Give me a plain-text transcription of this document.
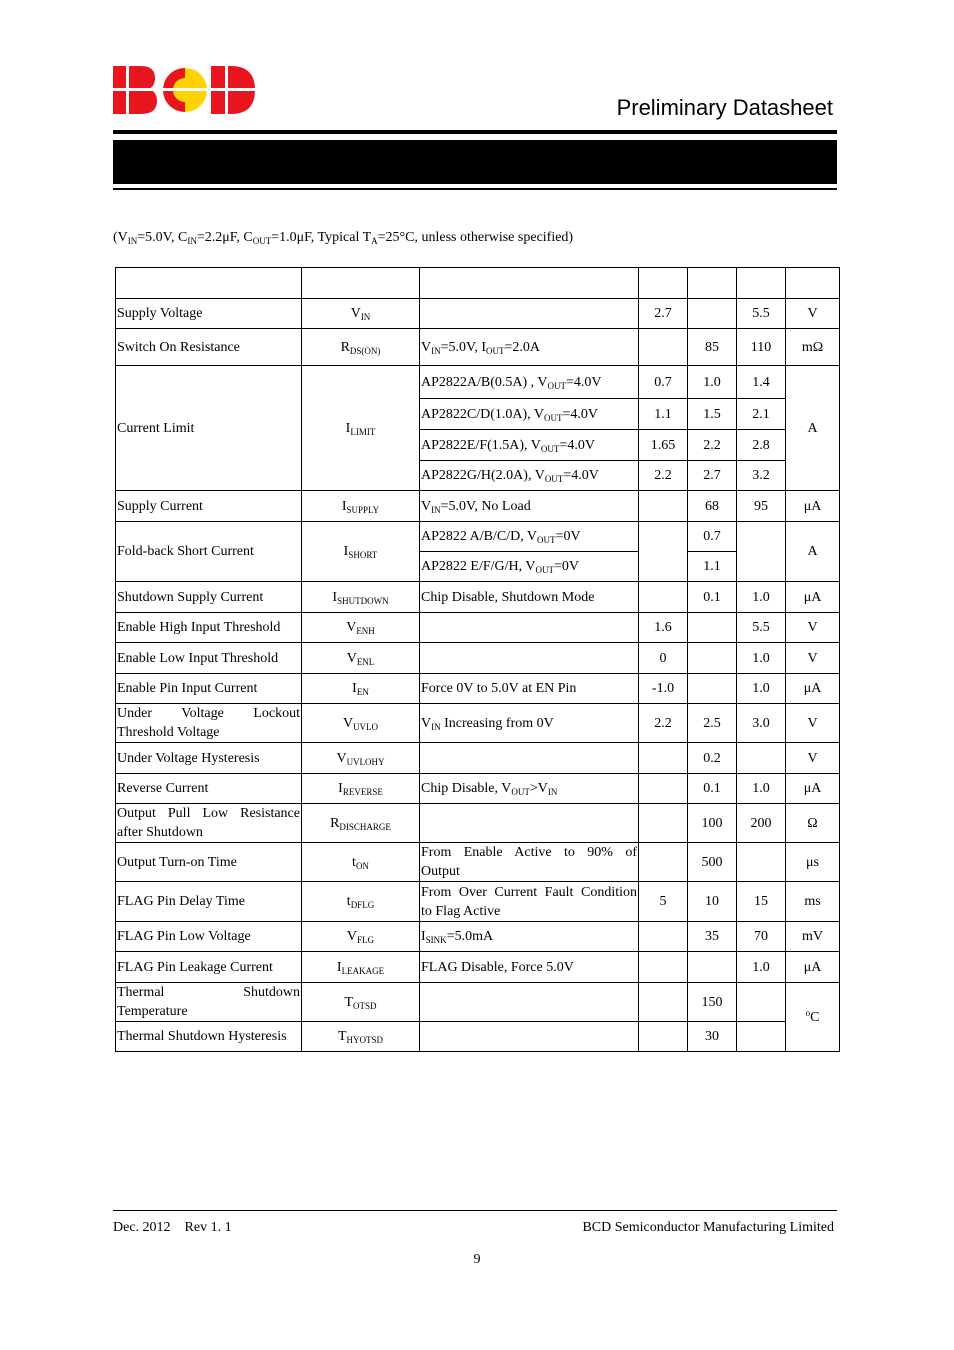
Preliminary Datasheet
($V_{IN}=5.0V$, $C_{IN}=2.2\mu F$, $C_{OUT}=1.0\mu F$, Typical $T_A=25^\circ C$, unless otherwise specified)

Supply Voltage	$V_{IN}$		2.7		5.5	V
Switch On Resistance	$R_{DS(ON)}$	$V_{IN}=5.0V$, $I_{OUT}=2.0A$		85	110	mΩ
Current Limit	$I_{LIMIT}$	AP2822A/B(0.5A) , $V_{OUT}=4.0V$	0.7	1.0	1.4	A
		AP2822C/D(1.0A), $V_{OUT}=4.0V$	1.1	1.5	2.1	
		AP2822E/F(1.5A), $V_{OUT}=4.0V$	1.65	2.2	2.8	
		AP2822G/H(2.0A), $V_{OUT}=4.0V$	2.2	2.7	3.2	
Supply Current	$I_{SUPPLY}$	$V_{IN}=5.0V$, No Load		68	95	μA
Fold-back Short Current	$I_{SHORT}$	AP2822 A/B/C/D, $V_{OUT}=0V$		0.7		A
		AP2822 E/F/G/H, $V_{OUT}=0V$		1.1		
Shutdown Supply Current	$I_{SHUTDOWN}$	Chip Disable, Shutdown Mode		0.1	1.0	μA
Enable High Input Threshold	$V_{ENH}$		1.6		5.5	V
Enable Low Input Threshold	$V_{ENL}$		0		1.0	V
Enable Pin Input Current	$I_{EN}$	Force 0V to 5.0V at EN Pin	-1.0		1.0	μA

Under Voltage Lockout
Threshold Voltage	$V_{UVLO}$	$V_{IN}$ Increasing from 0V	2.2	2.5	3.0	V
Under Voltage Hysteresis	$V_{UVLOHY}$			0.2		V
Reverse Current	$I_{REVERSE}$	Chip Disable, $V_{OUT}>V_{IN}$		0.1	1.0	μA

Output Pull Low Resistance
after Shutdown	$R_{DISCHARGE}$			100	200	Ω
Output Turn-on Time	$t_{ON}$	From Enable Active to 90% of
Output		500		μs
FLAG Pin Delay Time	$t_{DFLG}$	From Over Current Fault Condition
to Flag Active	5	10	15	ms
FLAG Pin Low Voltage	$V_{FLG}$	$I_{SINK}=5.0mA$		35	70	mV
FLAG Pin Leakage Current	$I_{LEAKAGE}$	FLAG Disable, Force 5.0V			1.0	μA

Thermal Shutdown
Temperature	$T_{OTSD}$			150		$^o$C
Thermal Shutdown Hysteresis	$T_{HYOTSD}$			30		
Dec. 2012    Rev 1. 1	BCD Semiconductor Manufacturing Limited
9
